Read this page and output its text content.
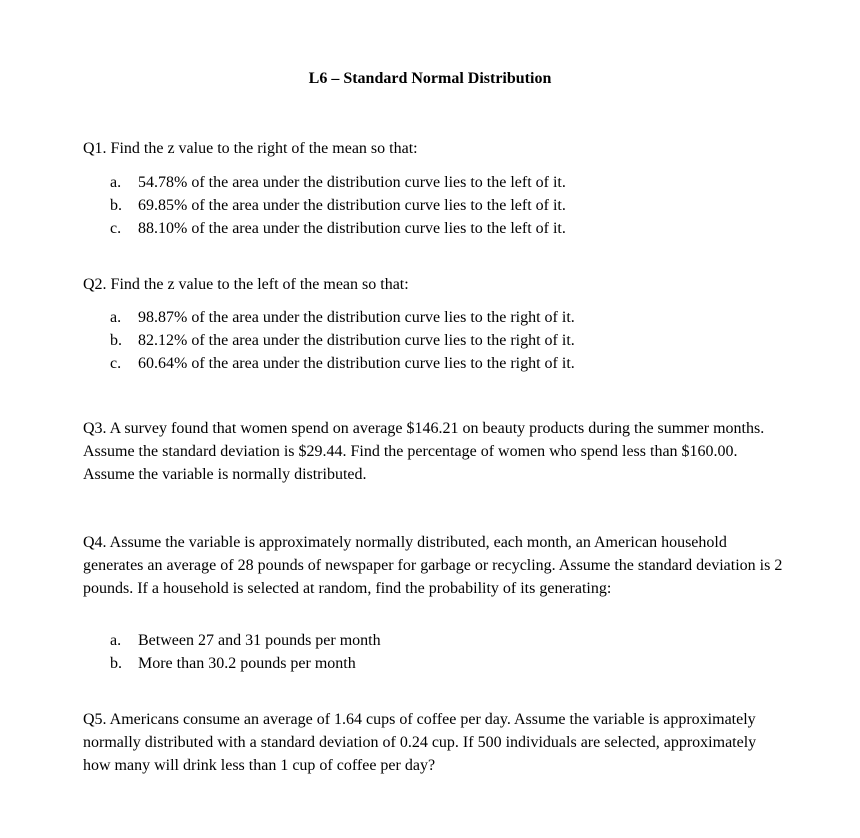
L6 – Standard Normal Distribution

Q1. Find the z value to the right of the mean so that:

a. 54.78% of the area under the distribution curve lies to the left of it.
b. 69.85% of the area under the distribution curve lies to the left of it.
c. 88.10% of the area under the distribution curve lies to the left of it.

Q2. Find the z value to the left of the mean so that:

a. 98.87% of the area under the distribution curve lies to the right of it.
b. 82.12% of the area under the distribution curve lies to the right of it.
c. 60.64% of the area under the distribution curve lies to the right of it.

Q3. A survey found that women spend on average $146.21 on beauty products during the summer months. Assume the standard deviation is $29.44. Find the percentage of women who spend less than $160.00. Assume the variable is normally distributed.

Q4. Assume the variable is approximately normally distributed, each month, an American household generates an average of 28 pounds of newspaper for garbage or recycling. Assume the standard deviation is 2 pounds. If a household is selected at random, find the probability of its generating:

a. Between 27 and 31 pounds per month
b. More than 30.2 pounds per month

Q5. Americans consume an average of 1.64 cups of coffee per day. Assume the variable is approximately normally distributed with a standard deviation of 0.24 cup. If 500 individuals are selected, approximately how many will drink less than 1 cup of coffee per day?
